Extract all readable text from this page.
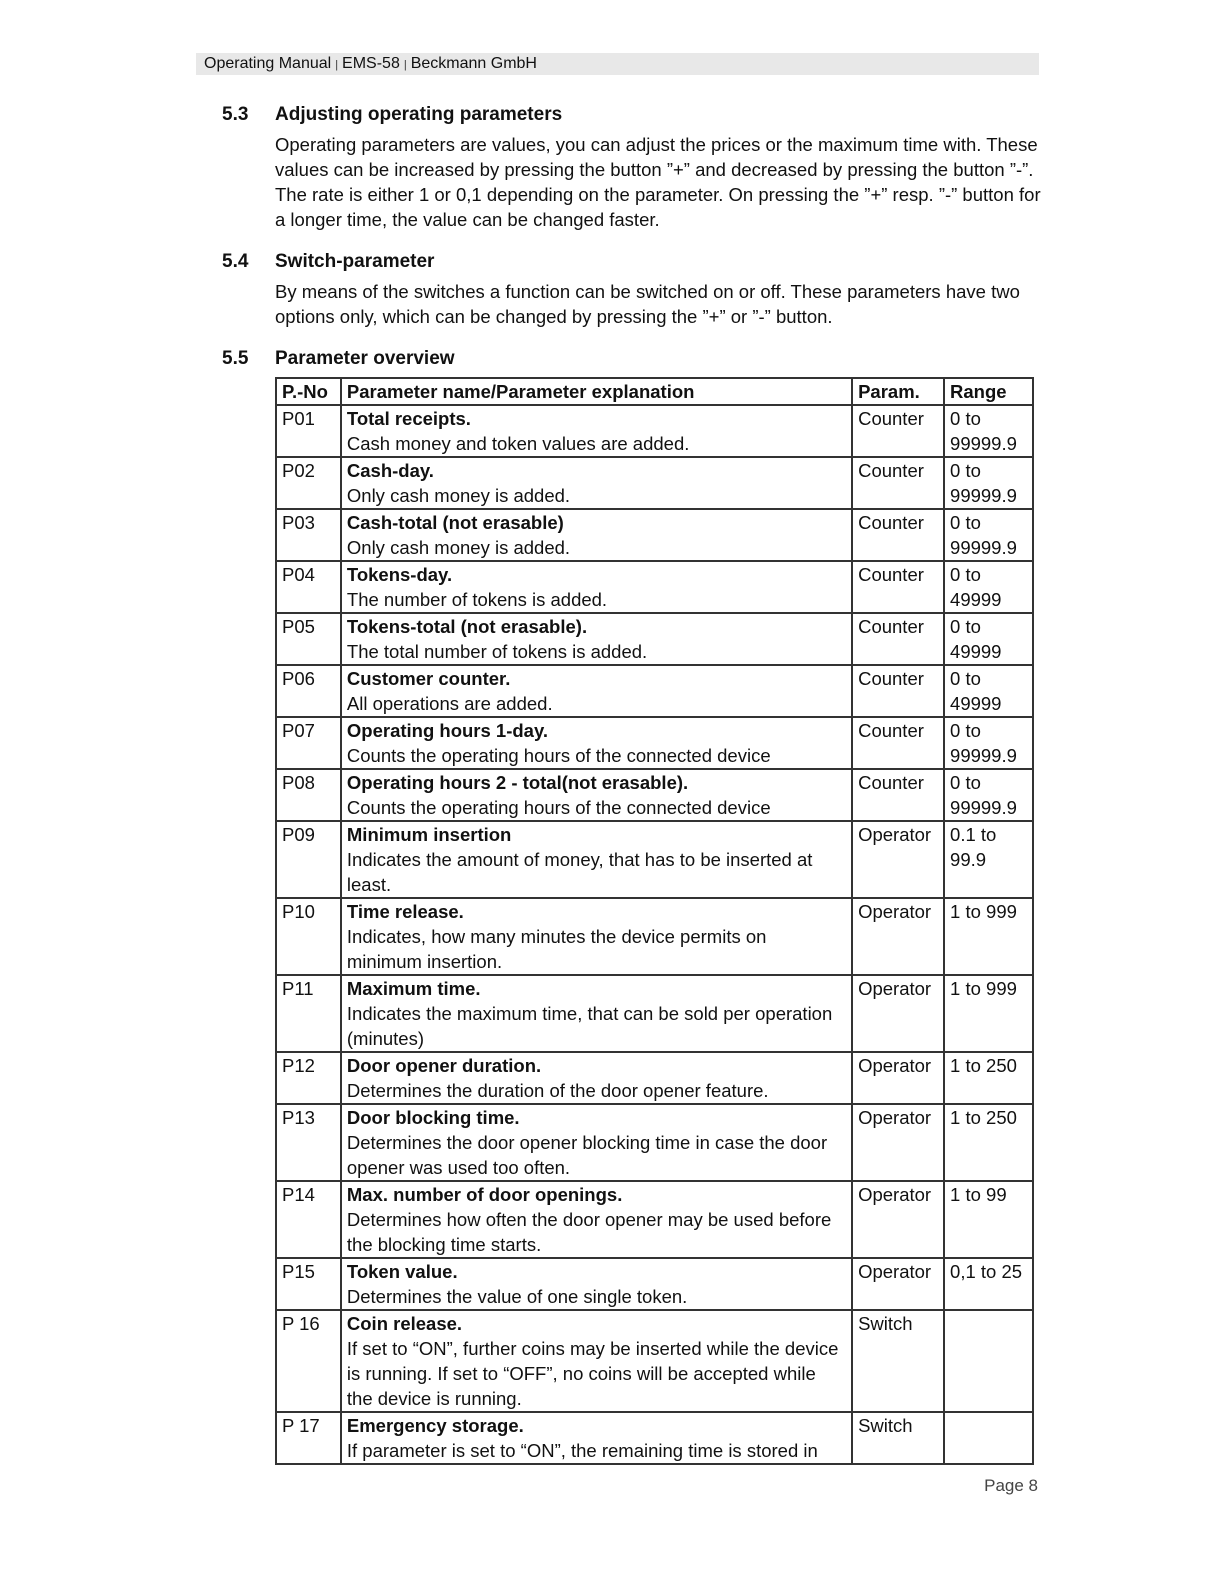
Operating Manual | EMS-58 | Beckmann GmbH
5.3 Adjusting operating parameters

Operating parameters are values, you can adjust the prices or the maximum time with. These values can be increased by pressing the button ”+” and decreased by pressing the button ”-”. The rate is either 1 or 0,1 depending on the parameter. On pressing the ”+” resp. ”-” button for a longer time, the value can be changed faster.

5.4 Switch-parameter

By means of the switches a function can be switched on or off. These parameters have two options only, which can be changed by pressing the ”+” or ”-” button.

5.5 Parameter overview
P.-No	Parameter name/Parameter explanation	Param.	Range
P01	Total receipts.
Cash money and token values are added.	Counter	0 to 99999.9
P02	Cash-day.
Only cash money is added.	Counter	0 to 99999.9
P03	Cash-total (not erasable)
Only cash money is added.	Counter	0 to 99999.9
P04	Tokens-day.
The number of tokens is added.	Counter	0 to 49999
P05	Tokens-total (not erasable).
The total number of tokens is added.	Counter	0 to 49999
P06	Customer counter.
All operations are added.	Counter	0 to 49999
P07	Operating hours 1-day.
Counts the operating hours of the connected device	Counter	0 to 99999.9
P08	Operating hours 2 - total(not erasable).
Counts the operating hours of the connected device	Counter	0 to 99999.9
P09	Minimum insertion
Indicates the amount of money, that has to be inserted at least.	Operator	0.1 to 99.9
P10	Time release.
Indicates, how many minutes the device permits on minimum insertion.	Operator	1 to 999
P11	Maximum time.
Indicates the maximum time, that can be sold per operation (minutes)	Operator	1 to 999
P12	Door opener duration.
Determines the duration of the door opener feature.	Operator	1 to 250
P13	Door blocking time.
Determines the door opener blocking time in case the door opener was used too often.	Operator	1 to 250
P14	Max. number of door openings.
Determines how often the door opener may be used before the blocking time starts.	Operator	1 to 99
P15	Token value.
Determines the value of one single token.	Operator	0,1 to 25
P 16	Coin release.
If set to “ON”, further coins may be inserted while the device is running. If set to “OFF”, no coins will be accepted while the device is running.	Switch	
P 17	Emergency storage.
If parameter is set to “ON”, the remaining time is stored in	Switch	
Page 8
